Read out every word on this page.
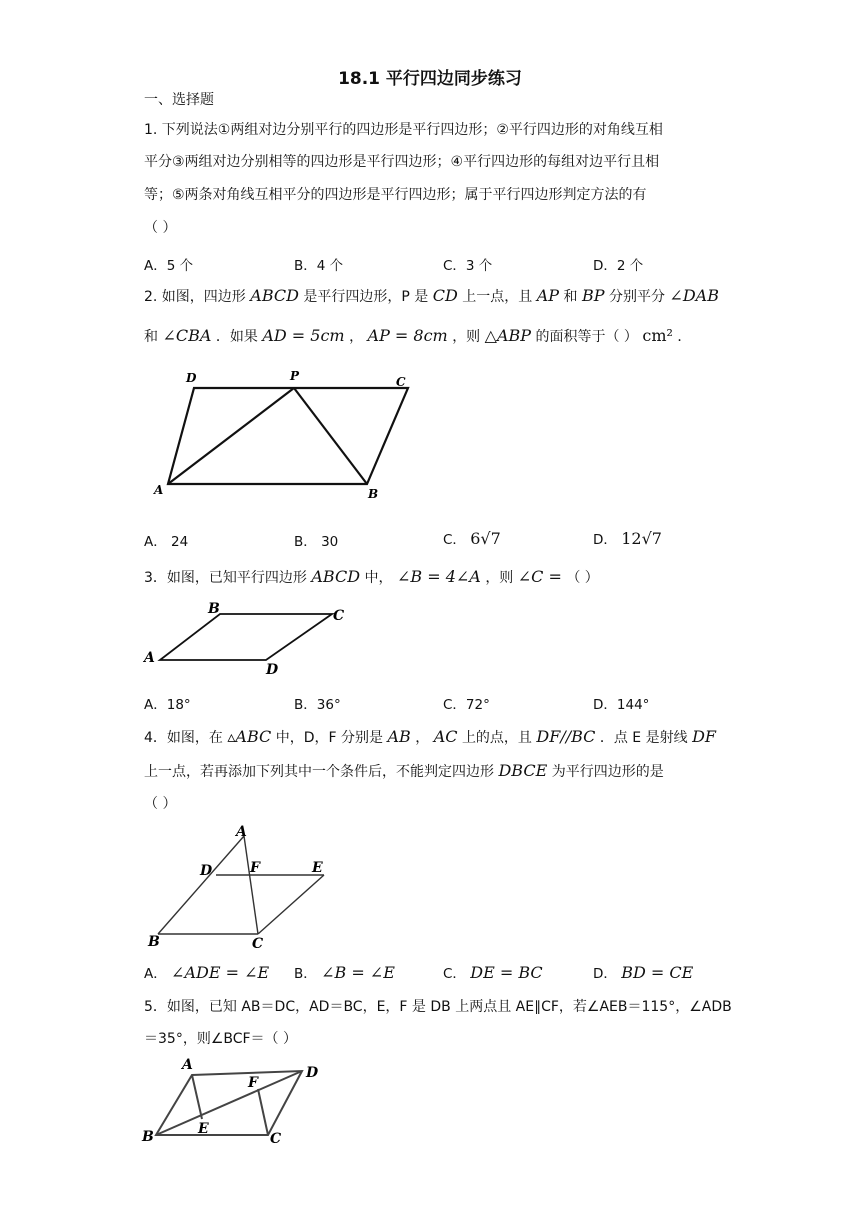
18.1 平行四边同步练习
一、选择题
1. 下列说法①两组对边分别平行的四边形是平行四边形；②平行四边形的对角线互相
平分③两组对边分别相等的四边形是平行四边形；④平行四边形的每组对边平行且相
等；⑤两条对角线互相平分的四边形是平行四边形；属于平行四边形判定方法的有
（ ）
A．5 个	B．4 个	C．3 个	D．2 个
2. 如图，四边形 ABCD 是平行四边形，P 是 CD 上一点，且 AP 和 BP 分别平分 ∠DAB
和 ∠CBA ．如果 AD = 5cm ， AP = 8cm ，则 △ABP 的面积等于（ ） cm² ．
D	P	C
A	B
A． 24	B． 30	C． 6√7	D． 12√7
3．如图，已知平行四边形 ABCD 中， ∠B = 4∠A ，则 ∠C = （ ）
B	C
A
D
A．18°	B．36°	C．72°	D．144°
4．如图，在 ▵ABC 中，D，F 分别是 AB ， AC 上的点，且 DF//BC ．点 E 是射线 DF
上一点，若再添加下列其中一个条件后，不能判定四边形 DBCE 为平行四边形的是
（ ）
A
D	F	E
B	C
A． ∠ADE = ∠E B． ∠B = ∠E	C． DE = BC	D． BD = CE
5．如图，已知 AB＝DC，AD＝BC，E，F 是 DB 上两点且 AE∥CF，若∠AEB＝115°，∠ADB
＝35°，则∠BCF＝（ ）
A
F
D
B	E
C
